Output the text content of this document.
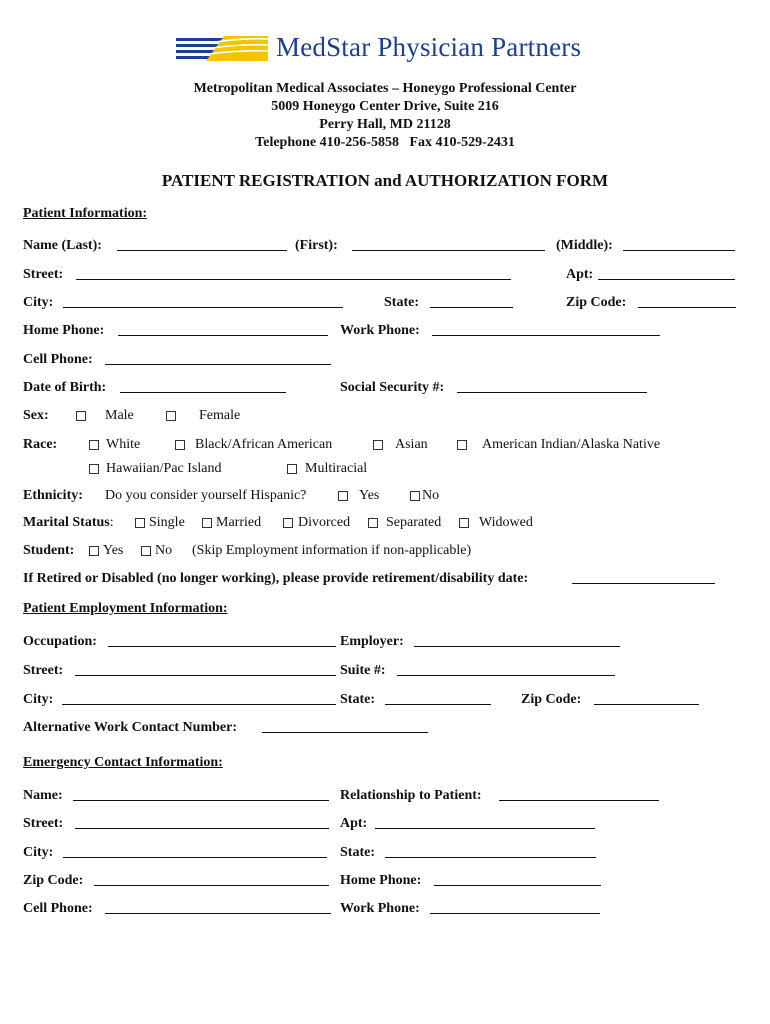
MedStar Physician Partners
Metropolitan Medical Associates – Honeygo Professional Center
5009 Honeygo Center Drive, Suite 216
Perry Hall, MD 21128
Telephone 410-256-5858   Fax 410-529-2431
PATIENT REGISTRATION and AUTHORIZATION FORM
Patient Information:
Name (Last):	(First):	(Middle):
Street:	Apt:
City:	State:	Zip Code:
Home Phone:	Work Phone:
Cell Phone:
Date of Birth:	Social Security #:
Sex:	Male	Female
Race:	White	Black/African American	Asian	American Indian/Alaska Native
Hawaiian/Pac Island	Multiracial
Ethnicity: Do you consider yourself Hispanic?	Yes	No
Marital Status:	Single Married	Divorced	Separated	Widowed
Student: Yes No (Skip Employment information if non-applicable)
If Retired or Disabled (no longer working), please provide retirement/disability date:
Patient Employment Information:
Occupation:	Employer:
Street:	Suite #:
City:	State:	Zip Code:
Alternative Work Contact Number:
Emergency Contact Information:
Name:	Relationship to Patient:
Street:	Apt:
City:	State:
Zip Code:	Home Phone:
Cell Phone:	Work Phone:
